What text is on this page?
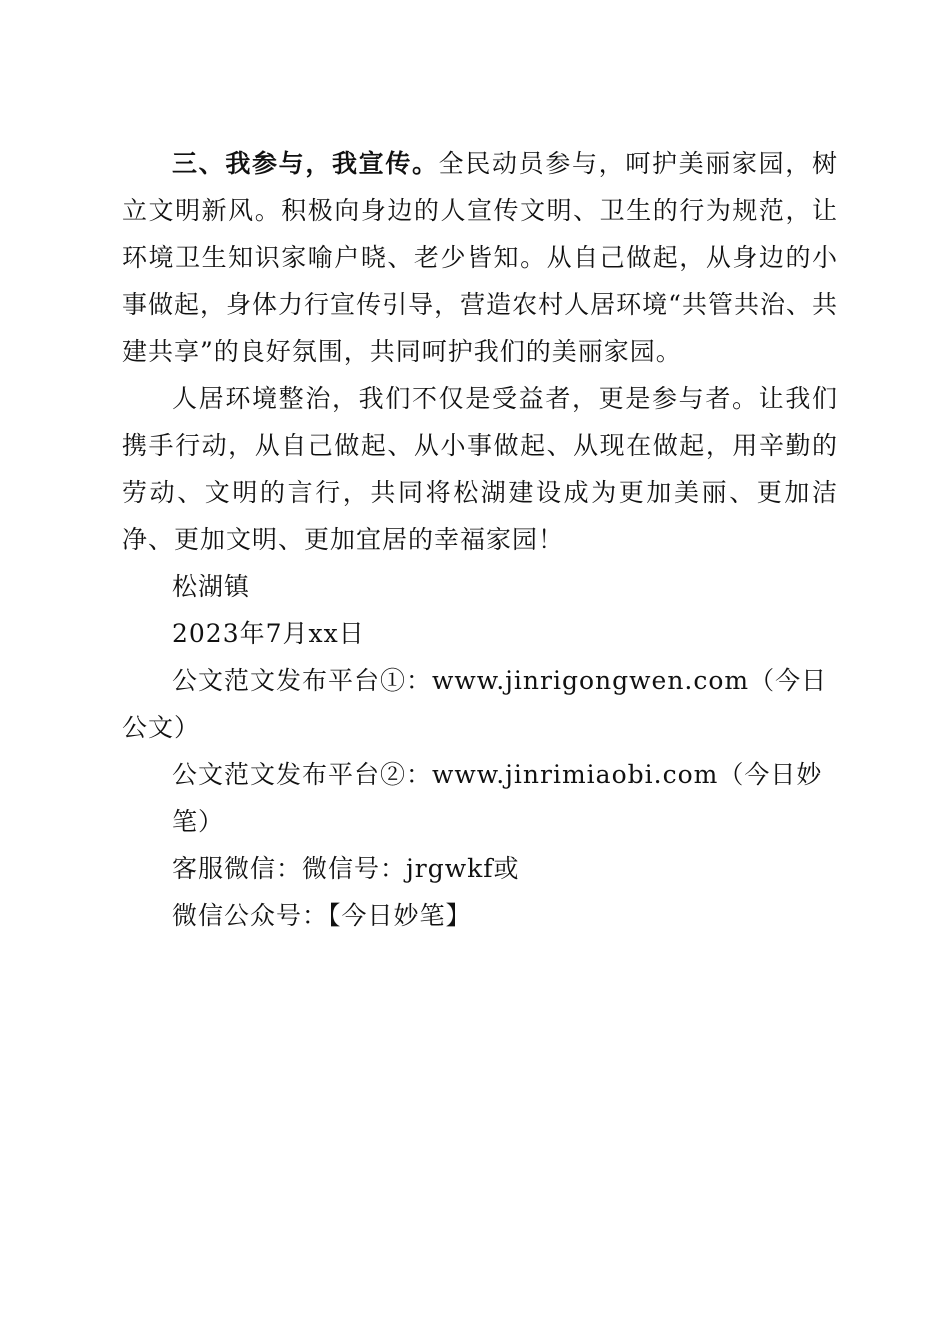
三、我参与，我宣传。全民动员参与，呵护美丽家园，树立文明新风。积极向身边的人宣传文明、卫生的行为规范，让环境卫生知识家喻户晓、老少皆知。从自己做起，从身边的小事做起，身体力行宣传引导，营造农村人居环境“共管共治、共建共享”的良好氛围，共同呵护我们的美丽家园。

人居环境整治，我们不仅是受益者，更是参与者。让我们携手行动，从自己做起、从小事做起、从现在做起，用辛勤的劳动、文明的言行，共同将松湖建设成为更加美丽、更加洁净、更加文明、更加宜居的幸福家园！

松湖镇

2023年7月xx日

公文范文发布平台①：www.jinrigongwen.com（今日公文）

公文范文发布平台②：www.jinrimiaobi.com（今日妙笔）

客服微信：微信号：jrgwkf或

微信公众号：【今日妙笔】
